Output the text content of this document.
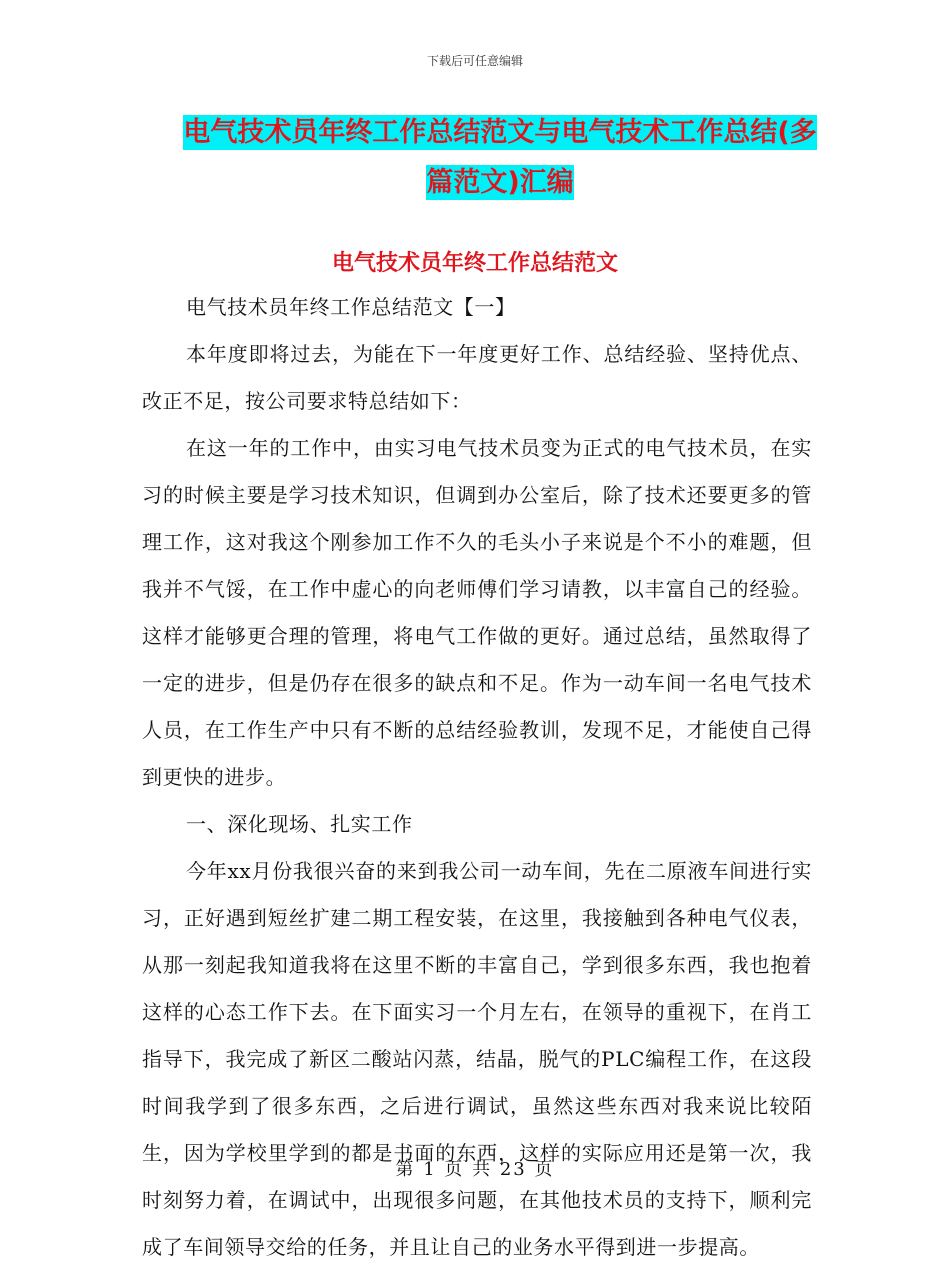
下载后可任意编辑
电气技术员年终工作总结范文与电气技术工作总结(多
篇范文)汇编
电气技术员年终工作总结范文

电气技术员年终工作总结范文【一】

本年度即将过去，为能在下一年度更好工作、总结经验、坚持优点、改正不足，按公司要求特总结如下：

在这一年的工作中，由实习电气技术员变为正式的电气技术员，在实习的时候主要是学习技术知识，但调到办公室后，除了技术还要更多的管理工作，这对我这个刚参加工作不久的毛头小子来说是个不小的难题，但我并不气馁，在工作中虚心的向老师傅们学习请教，以丰富自己的经验。这样才能够更合理的管理，将电气工作做的更好。通过总结，虽然取得了一定的进步，但是仍存在很多的缺点和不足。作为一动车间一名电气技术人员，在工作生产中只有不断的总结经验教训，发现不足，才能使自己得到更快的进步。

一、深化现场、扎实工作

今年xx月份我很兴奋的来到我公司一动车间，先在二原液车间进行实习，正好遇到短丝扩建二期工程安装，在这里，我接触到各种电气仪表，从那一刻起我知道我将在这里不断的丰富自己，学到很多东西，我也抱着这样的心态工作下去。在下面实习一个月左右，在领导的重视下，在肖工指导下，我完成了新区二酸站闪蒸，结晶，脱气的PLC编程工作，在这段时间我学到了很多东西，之后进行调试，虽然这些东西对我来说比较陌生，因为学校里学到的都是书面的东西，这样的实际应用还是第一次，我时刻努力着，在调试中，出现很多问题，在其他技术员的支持下，顺利完成了车间领导交给的任务，并且让自己的业务水平得到进一步提高。

第 1 页 共 23 页
